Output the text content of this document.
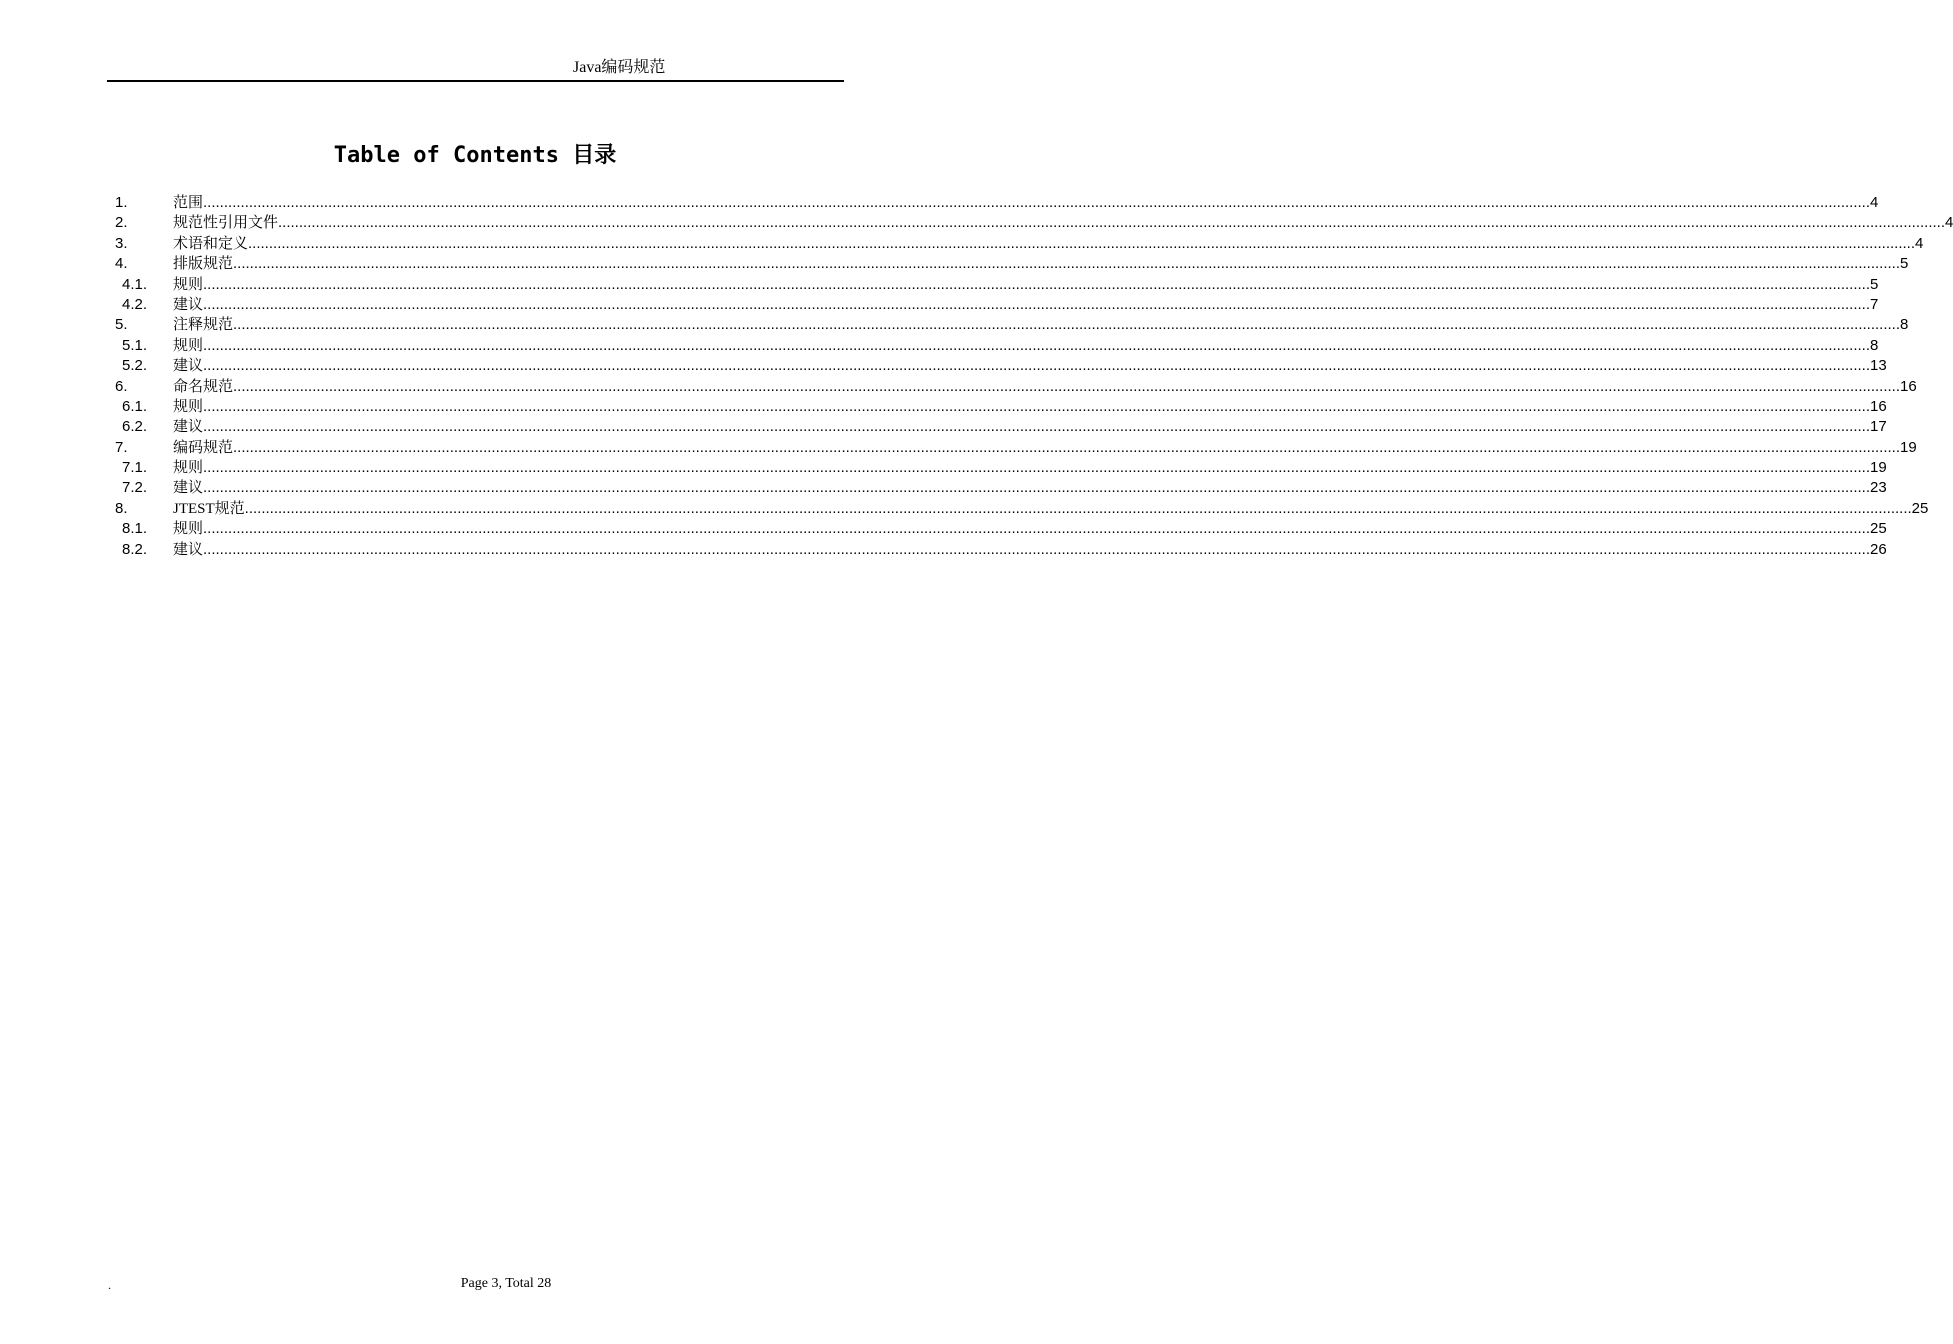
Java编码规范
Table of Contents 目录
1.	范围 ................................................................................................................................................................................................................................................................................................................................................................................................................ 4
2.	规范性引用文件 ................................................................................................................................................................................................................................................................................................................................................................................................................ 4
3.	术语和定义 ................................................................................................................................................................................................................................................................................................................................................................................................................ 4
4.	排版规范 ................................................................................................................................................................................................................................................................................................................................................................................................................ 5
4.1. 规则 ................................................................................................................................................................................................................................................................................................................................................................................................................ 5
4.2. 建议 ................................................................................................................................................................................................................................................................................................................................................................................................................ 7
5.	注释规范 ................................................................................................................................................................................................................................................................................................................................................................................................................ 8
5.1. 规则 ................................................................................................................................................................................................................................................................................................................................................................................................................ 8
5.2. 建议 ................................................................................................................................................................................................................................................................................................................................................................................................................ 13
6.	命名规范 ................................................................................................................................................................................................................................................................................................................................................................................................................ 16
6.1. 规则 ................................................................................................................................................................................................................................................................................................................................................................................................................ 16
6.2. 建议 ................................................................................................................................................................................................................................................................................................................................................................................................................ 17
7.	编码规范 ................................................................................................................................................................................................................................................................................................................................................................................................................ 19
7.1. 规则 ................................................................................................................................................................................................................................................................................................................................................................................................................ 19
7.2. 建议 ................................................................................................................................................................................................................................................................................................................................................................................................................ 23
8.	JTEST规范 ................................................................................................................................................................................................................................................................................................................................................................................................................ 25
8.1. 规则 ................................................................................................................................................................................................................................................................................................................................................................................................................ 25
8.2. 建议 ................................................................................................................................................................................................................................................................................................................................................................................................................ 26
.	Page 3, Total 28
